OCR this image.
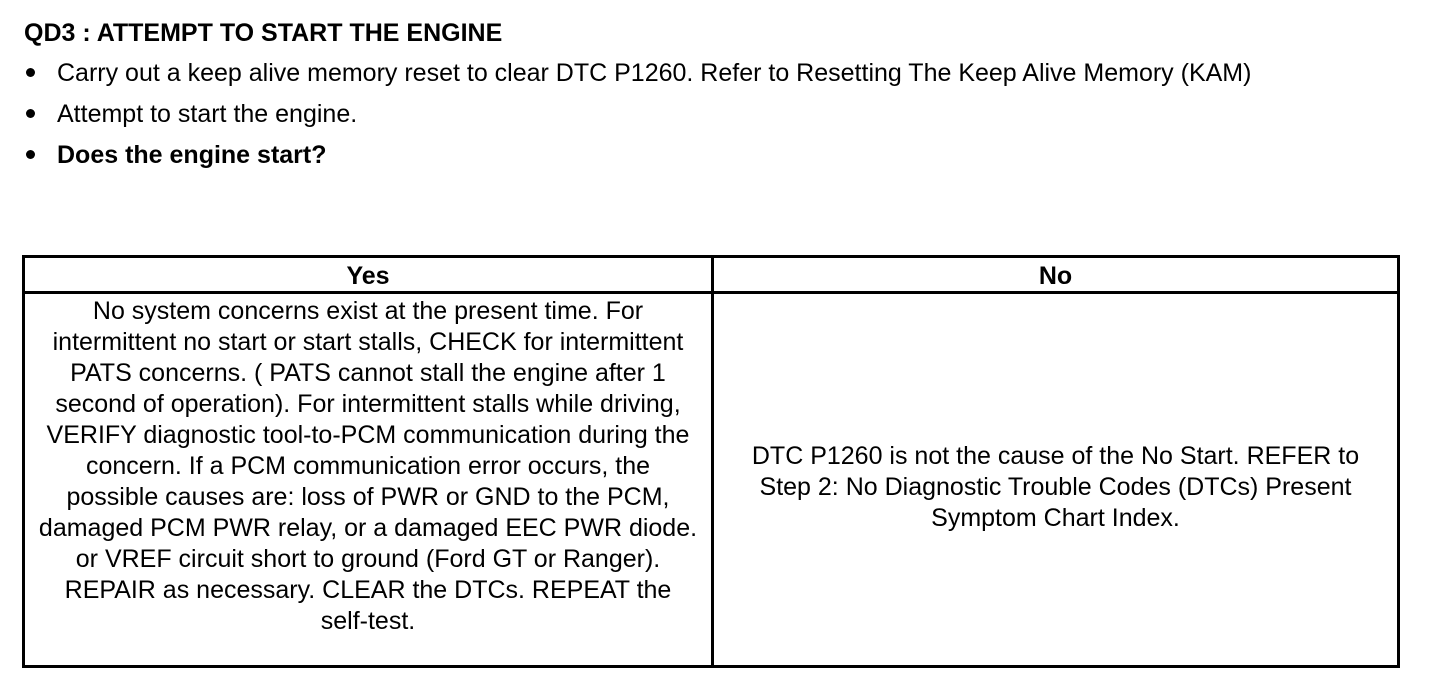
QD3 : ATTEMPT TO START THE ENGINE
Carry out a keep alive memory reset to clear DTC P1260. Refer to Resetting The Keep Alive Memory (KAM)
Attempt to start the engine.
Does the engine start?
Yes	No
No system concerns exist at the present time. For intermittent no start or start stalls, CHECK for intermittent PATS concerns. ( PATS cannot stall the engine after 1 second of operation). For intermittent stalls while driving, VERIFY diagnostic tool-to-PCM communication during the concern. If a PCM communication error occurs, the possible causes are: loss of PWR or GND to the PCM, damaged PCM PWR relay, or a damaged EEC PWR diode. or VREF circuit short to ground (Ford GT or Ranger). REPAIR as necessary. CLEAR the DTCs. REPEAT the self-test.
DTC P1260 is not the cause of the No Start. REFER to Step 2: No Diagnostic Trouble Codes (DTCs) Present Symptom Chart Index.
